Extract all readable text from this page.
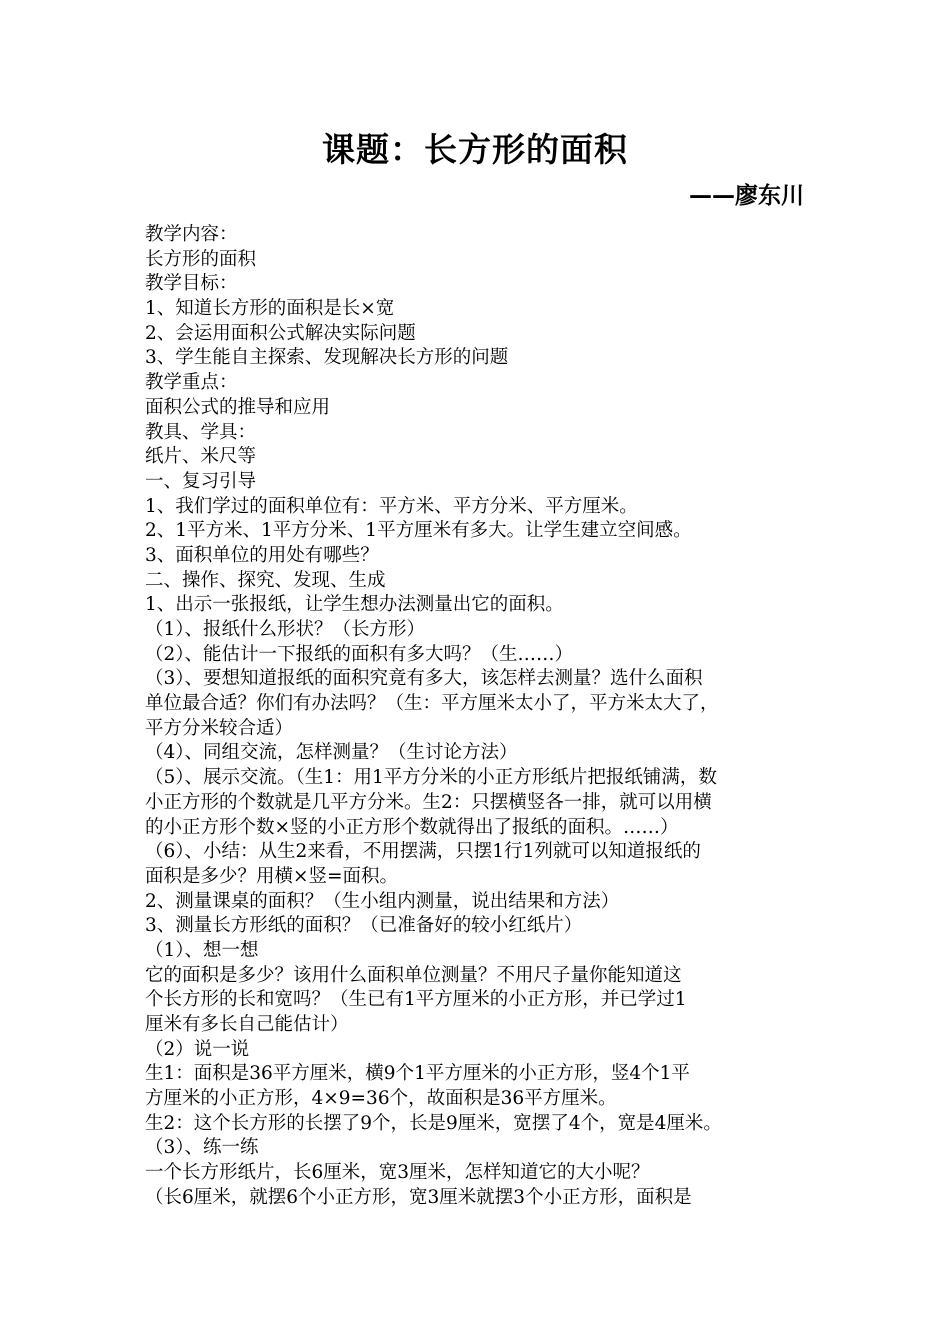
课题：长方形的面积
——廖东川
教学内容：
长方形的面积
教学目标：
1、知道长方形的面积是长×宽
2、会运用面积公式解决实际问题
3、学生能自主探索、发现解决长方形的问题
教学重点：
面积公式的推导和应用
教具、学具：
纸片、米尺等
一、复习引导
1、我们学过的面积单位有：平方米、平方分米、平方厘米。
2、1平方米、1平方分米、1平方厘米有多大。让学生建立空间感。
3、面积单位的用处有哪些？
二、操作、探究、发现、生成
1、出示一张报纸，让学生想办法测量出它的面积。
（1）、报纸什么形状？（长方形）
（2）、能估计一下报纸的面积有多大吗？（生……）
（3）、要想知道报纸的面积究竟有多大，该怎样去测量？选什么面积
单位最合适？你们有办法吗？（生：平方厘米太小了，平方米太大了，
平方分米较合适）
（4）、同组交流，怎样测量？（生讨论方法）
（5）、展示交流。（生1：用1平方分米的小正方形纸片把报纸铺满，数
小正方形的个数就是几平方分米。生2：只摆横竖各一排，就可以用横
的小正方形个数×竖的小正方形个数就得出了报纸的面积。……）
（6）、小结：从生2来看，不用摆满，只摆1行1列就可以知道报纸的
面积是多少？用横×竖=面积。
2、测量课桌的面积？（生小组内测量，说出结果和方法）
3、测量长方形纸的面积？（已准备好的较小红纸片）
（1）、想一想
它的面积是多少？该用什么面积单位测量？不用尺子量你能知道这
个长方形的长和宽吗？（生已有1平方厘米的小正方形，并已学过1
厘米有多长自己能估计）
（2）说一说
生1：面积是36平方厘米，横9个1平方厘米的小正方形，竖4个1平
方厘米的小正方形，4×9=36个，故面积是36平方厘米。
生2：这个长方形的长摆了9个，长是9厘米，宽摆了4个，宽是4厘米。
（3）、练一练
一个长方形纸片，长6厘米，宽3厘米，怎样知道它的大小呢？
（长6厘米，就摆6个小正方形，宽3厘米就摆3个小正方形，面积是
